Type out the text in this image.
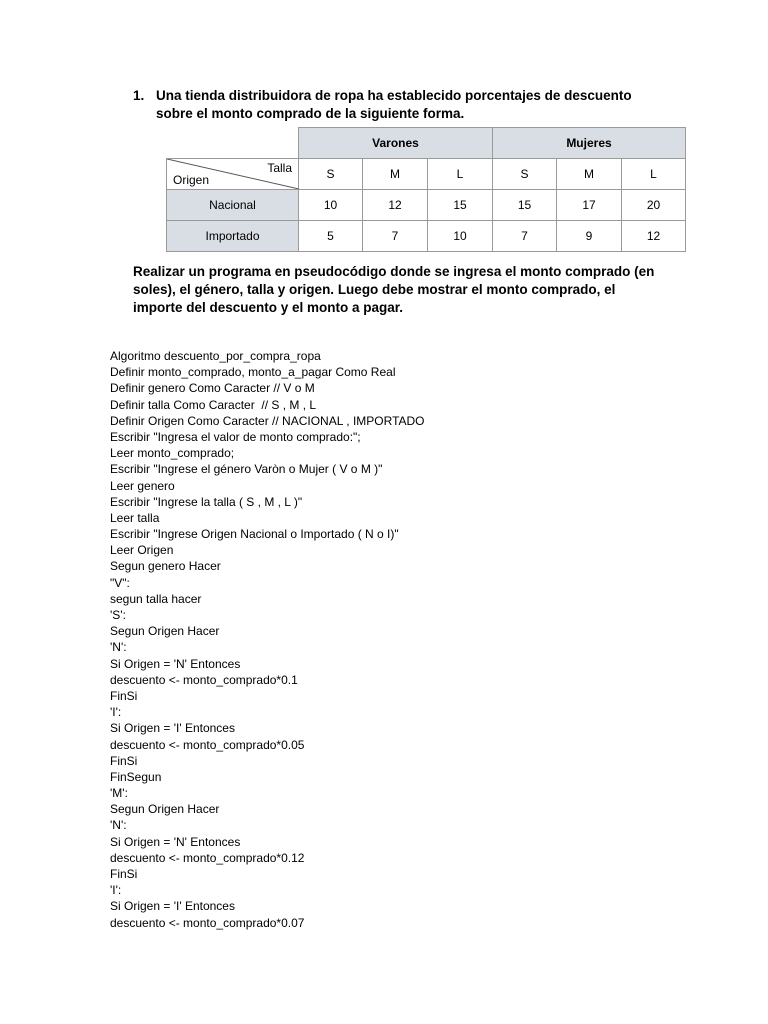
1. Una tienda distribuidora de ropa ha establecido porcentajes de descuento sobre el monto comprado de la siguiente forma.
	Varones			Mujeres		

Talla
Origen	S	M	L	S	M	L
Nacional	10	12	15	15	17	20
Importado	5	7	10	7	9	12
Realizar un programa en pseudocódigo donde se ingresa el monto comprado (en soles), el género, talla y origen. Luego debe mostrar el monto comprado, el importe del descuento y el monto a pagar.
Algoritmo descuento_por_compra_ropa
Definir monto_comprado, monto_a_pagar Como Real
Definir genero Como Caracter // V o M
Definir talla Como Caracter  // S , M , L
Definir Origen Como Caracter // NACIONAL , IMPORTADO
Escribir "Ingresa el valor de monto comprado:";
Leer monto_comprado;
Escribir "Ingrese el género Varòn o Mujer ( V o M )"
Leer genero
Escribir "Ingrese la talla ( S , M , L )"
Leer talla
Escribir "Ingrese Origen Nacional o Importado ( N o I)"
Leer Origen
Segun genero Hacer
"V":
segun talla hacer
'S':
Segun Origen Hacer
'N':
Si Origen = 'N' Entonces
descuento <- monto_comprado*0.1
FinSi
'I':
Si Origen = 'I' Entonces
descuento <- monto_comprado*0.05
FinSi
FinSegun
'M':
Segun Origen Hacer
'N':
Si Origen = 'N' Entonces
descuento <- monto_comprado*0.12
FinSi
'I':
Si Origen = 'I' Entonces
descuento <- monto_comprado*0.07
